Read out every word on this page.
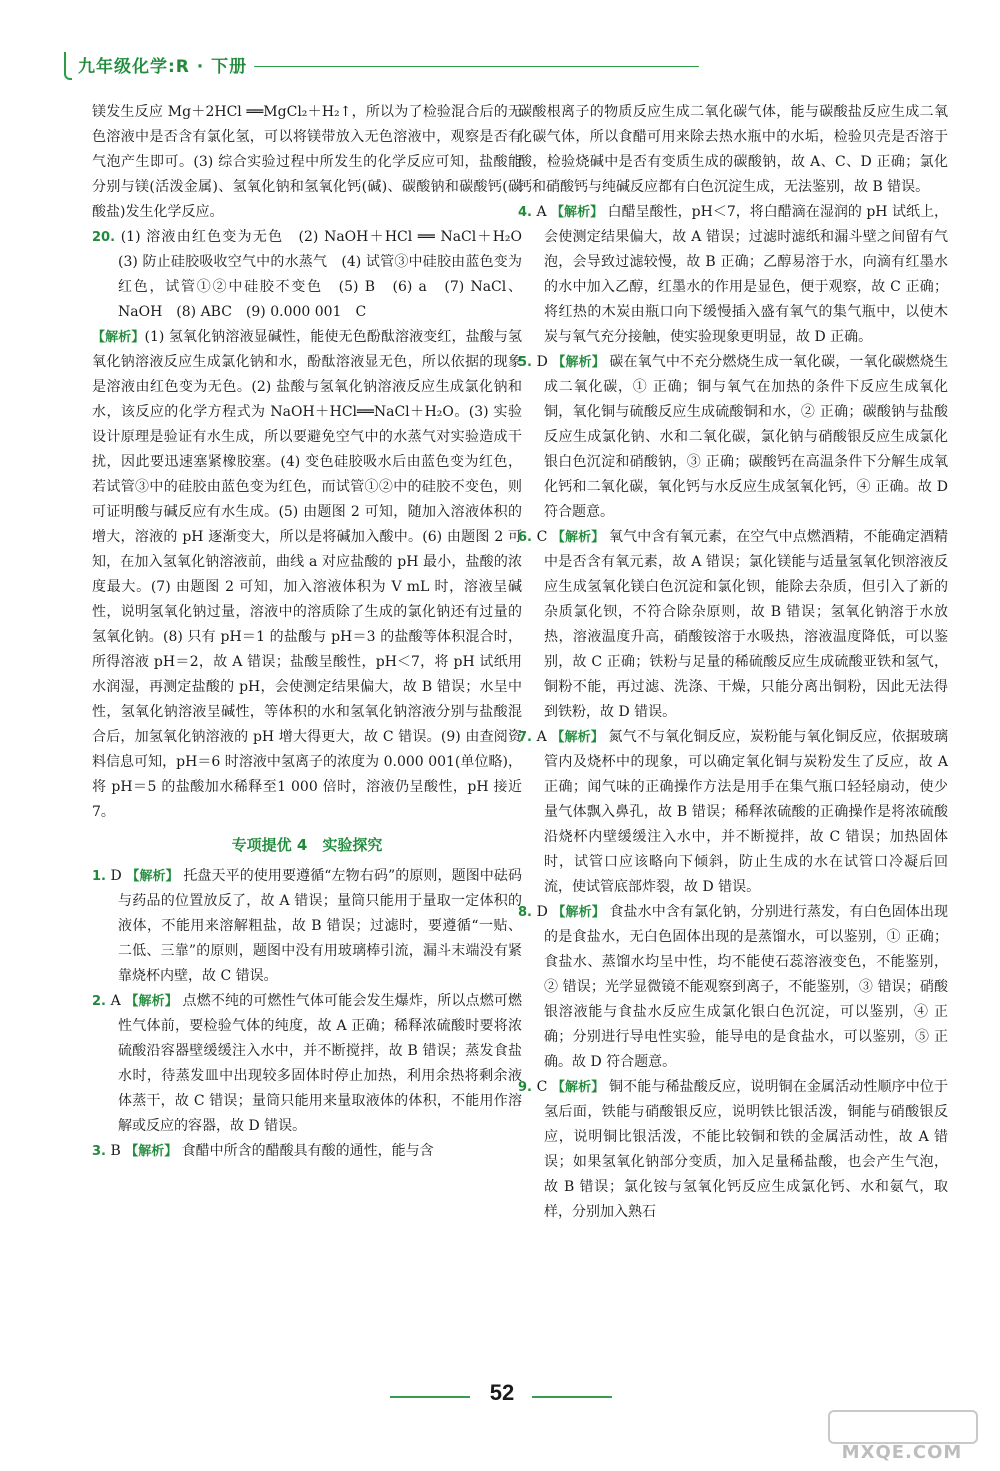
九年级化学:R · 下册

镁发生反应 Mg＋2HCl ══MgCl₂＋H₂↑，所以为了检验混合后的无色溶液中是否含有氯化氢，可以将镁带放入无色溶液中，观察是否有气泡产生即可。(3) 综合实验过程中所发生的化学反应可知，盐酸能分别与镁(活泼金属)、氢氧化钠和氢氧化钙(碱)、碳酸钠和碳酸钙(碳酸盐)发生化学反应。

20. (1) 溶液由红色变为无色　(2) NaOH＋HCl ══ NaCl＋H₂O　(3) 防止硅胶吸收空气中的水蒸气　(4) 试管③中硅胶由蓝色变为红色，试管①②中硅胶不变色　(5) B　(6) a　(7) NaCl、NaOH　(8) ABC　(9) 0.000 001　C

【解析】(1) 氢氧化钠溶液显碱性，能使无色酚酞溶液变红，盐酸与氢氧化钠溶液反应生成氯化钠和水，酚酞溶液显无色，所以依据的现象是溶液由红色变为无色。(2) 盐酸与氢氧化钠溶液反应生成氯化钠和水，该反应的化学方程式为 NaOH＋HCl══NaCl＋H₂O。(3) 实验设计原理是验证有水生成，所以要避免空气中的水蒸气对实验造成干扰，因此要迅速塞紧橡胶塞。(4) 变色硅胶吸水后由蓝色变为红色，若试管③中的硅胶由蓝色变为红色，而试管①②中的硅胶不变色，则可证明酸与碱反应有水生成。(5) 由题图 2 可知，随加入溶液体积的增大，溶液的 pH 逐渐变大，所以是将碱加入酸中。(6) 由题图 2 可知，在加入氢氧化钠溶液前，曲线 a 对应盐酸的 pH 最小，盐酸的浓度最大。(7) 由题图 2 可知，加入溶液体积为 V mL 时，溶液呈碱性，说明氢氧化钠过量，溶液中的溶质除了生成的氯化钠还有过量的氢氧化钠。(8) 只有 pH＝1 的盐酸与 pH＝3 的盐酸等体积混合时，所得溶液 pH＝2，故 A 错误；盐酸呈酸性，pH＜7，将 pH 试纸用水润湿，再测定盐酸的 pH，会使测定结果偏大，故 B 错误；水呈中性，氢氧化钠溶液呈碱性，等体积的水和氢氧化钠溶液分别与盐酸混合后，加氢氧化钠溶液的 pH 增大得更大，故 C 错误。(9) 由查阅资料信息可知，pH＝6 时溶液中氢离子的浓度为 0.000 001(单位略)，将 pH＝5 的盐酸加水稀释至1 000 倍时，溶液仍呈酸性，pH 接近 7。

专项提优 4　实验探究

1. D 【解析】 托盘天平的使用要遵循“左物右码”的原则，题图中砝码与药品的位置放反了，故 A 错误；量筒只能用于量取一定体积的液体，不能用来溶解粗盐，故 B 错误；过滤时，要遵循“一贴、二低、三靠”的原则，题图中没有用玻璃棒引流，漏斗末端没有紧靠烧杯内壁，故 C 错误。

2. A 【解析】 点燃不纯的可燃性气体可能会发生爆炸，所以点燃可燃性气体前，要检验气体的纯度，故 A 正确；稀释浓硫酸时要将浓硫酸沿容器壁缓缓注入水中，并不断搅拌，故 B 错误；蒸发食盐水时，待蒸发皿中出现较多固体时停止加热，利用余热将剩余液体蒸干，故 C 错误；量筒只能用来量取液体的体积，不能用作溶解或反应的容器，故 D 错误。

3. B 【解析】 食醋中所含的醋酸具有酸的通性，能与含

碳酸根离子的物质反应生成二氧化碳气体，能与碳酸盐反应生成二氧化碳气体，所以食醋可用来除去热水瓶中的水垢，检验贝壳是否溶于酸，检验烧碱中是否有变质生成的碳酸钠，故 A、C、D 正确；氯化钙和硝酸钙与纯碱反应都有白色沉淀生成，无法鉴别，故 B 错误。

4. A 【解析】 白醋呈酸性，pH＜7，将白醋滴在湿润的 pH 试纸上，会使测定结果偏大，故 A 错误；过滤时滤纸和漏斗壁之间留有气泡，会导致过滤较慢，故 B 正确；乙醇易溶于水，向滴有红墨水的水中加入乙醇，红墨水的作用是显色，便于观察，故 C 正确；将红热的木炭由瓶口向下缓慢插入盛有氧气的集气瓶中，以使木炭与氧气充分接触，使实验现象更明显，故 D 正确。

5. D 【解析】 碳在氧气中不充分燃烧生成一氧化碳，一氧化碳燃烧生成二氧化碳，① 正确；铜与氧气在加热的条件下反应生成氧化铜，氧化铜与硫酸反应生成硫酸铜和水，② 正确；碳酸钠与盐酸反应生成氯化钠、水和二氧化碳，氯化钠与硝酸银反应生成氯化银白色沉淀和硝酸钠，③ 正确；碳酸钙在高温条件下分解生成氧化钙和二氧化碳，氧化钙与水反应生成氢氧化钙，④ 正确。故 D 符合题意。

6. C 【解析】 氧气中含有氧元素，在空气中点燃酒精，不能确定酒精中是否含有氧元素，故 A 错误；氯化镁能与适量氢氧化钡溶液反应生成氢氧化镁白色沉淀和氯化钡，能除去杂质，但引入了新的杂质氯化钡，不符合除杂原则，故 B 错误；氢氧化钠溶于水放热，溶液温度升高，硝酸铵溶于水吸热，溶液温度降低，可以鉴别，故 C 正确；铁粉与足量的稀硫酸反应生成硫酸亚铁和氢气，铜粉不能，再过滤、洗涤、干燥，只能分离出铜粉，因此无法得到铁粉，故 D 错误。

7. A 【解析】 氮气不与氧化铜反应，炭粉能与氧化铜反应，依据玻璃管内及烧杯中的现象，可以确定氧化铜与炭粉发生了反应，故 A 正确；闻气味的正确操作方法是用手在集气瓶口轻轻扇动，使少量气体飘入鼻孔，故 B 错误；稀释浓硫酸的正确操作是将浓硫酸沿烧杯内壁缓缓注入水中，并不断搅拌，故 C 错误；加热固体时，试管口应该略向下倾斜，防止生成的水在试管口冷凝后回流，使试管底部炸裂，故 D 错误。

8. D 【解析】 食盐水中含有氯化钠，分别进行蒸发，有白色固体出现的是食盐水，无白色固体出现的是蒸馏水，可以鉴别，① 正确；食盐水、蒸馏水均呈中性，均不能使石蕊溶液变色，不能鉴别，② 错误；光学显微镜不能观察到离子，不能鉴别，③ 错误；硝酸银溶液能与食盐水反应生成氯化银白色沉淀，可以鉴别，④ 正确；分别进行导电性实验，能导电的是食盐水，可以鉴别，⑤ 正确。故 D 符合题意。

9. C 【解析】 铜不能与稀盐酸反应，说明铜在金属活动性顺序中位于氢后面，铁能与硝酸银反应，说明铁比银活泼，铜能与硝酸银反应，说明铜比银活泼，不能比较铜和铁的金属活动性，故 A 错误；如果氢氧化钠部分变质，加入足量稀盐酸，也会产生气泡，故 B 错误；氯化铵与氢氧化钙反应生成氯化钙、水和氨气，取样，分别加入熟石

52
MXQE.COM
